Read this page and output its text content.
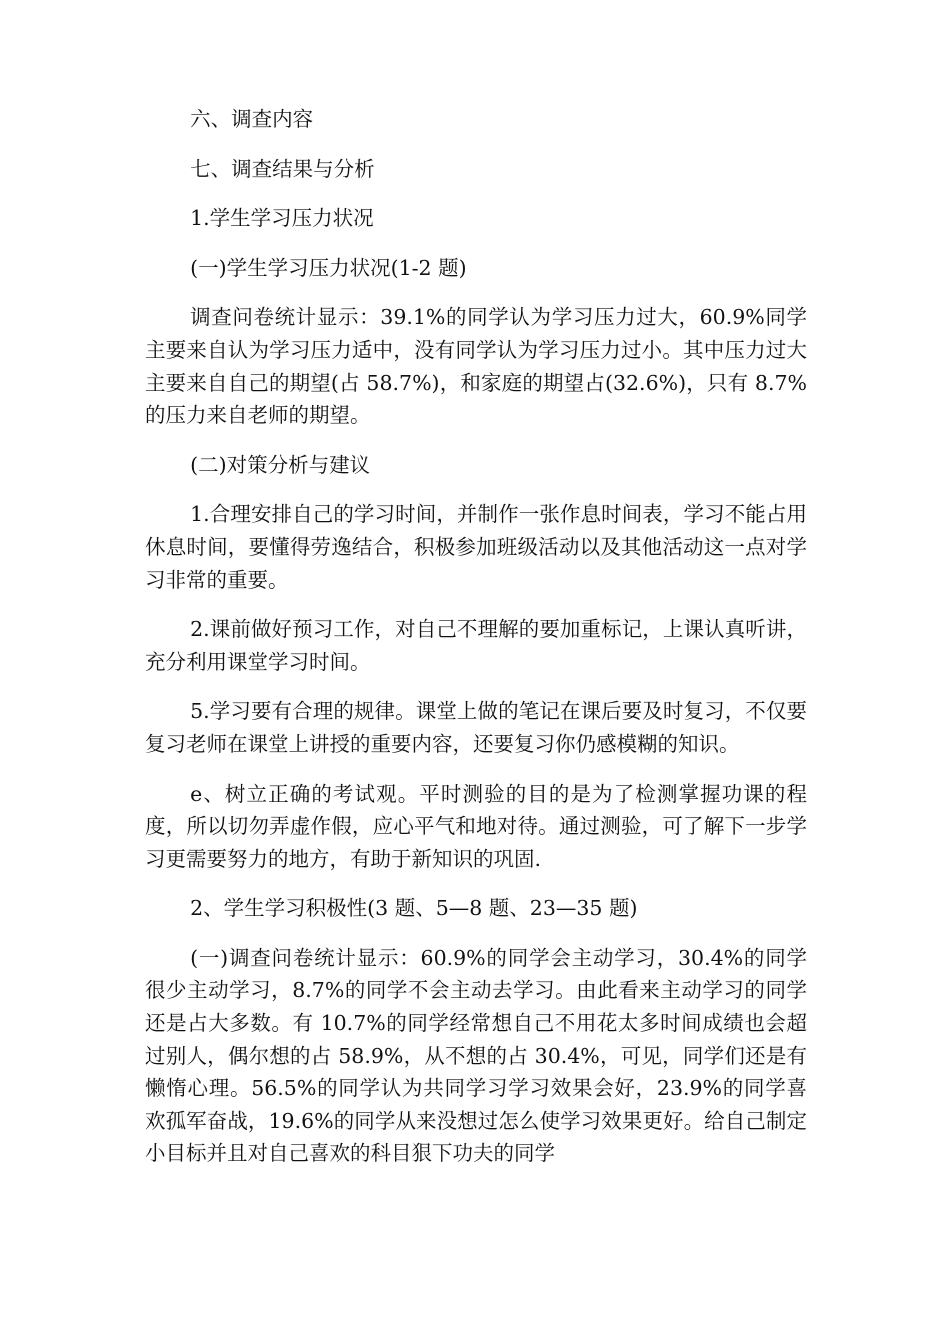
六、调查内容

七、调查结果与分析

1.学生学习压力状况

(一)学生学习压力状况(1-2 题)

调查问卷统计显示：39.1%的同学认为学习压力过大，60.9%同学主要来自认为学习压力适中，没有同学认为学习压力过小。其中压力过大主要来自自己的期望(占 58.7%)，和家庭的期望占(32.6%)，只有 8.7%的压力来自老师的期望。

(二)对策分析与建议

1.合理安排自己的学习时间，并制作一张作息时间表，学习不能占用休息时间，要懂得劳逸结合，积极参加班级活动以及其他活动这一点对学习非常的重要。

2.课前做好预习工作，对自己不理解的要加重标记，上课认真听讲，充分利用课堂学习时间。

5.学习要有合理的规律。课堂上做的笔记在课后要及时复习，不仅要复习老师在课堂上讲授的重要内容，还要复习你仍感模糊的知识。

e、树立正确的考试观。平时测验的目的是为了检测掌握功课的程度，所以切勿弄虚作假，应心平气和地对待。通过测验，可了解下一步学习更需要努力的地方，有助于新知识的巩固.

2、学生学习积极性(3 题、5—8 题、23—35 题)

(一)调查问卷统计显示：60.9%的同学会主动学习，30.4%的同学很少主动学习，8.7%的同学不会主动去学习。由此看来主动学习的同学还是占大多数。有 10.7%的同学经常想自己不用花太多时间成绩也会超过别人，偶尔想的占 58.9%，从不想的占 30.4%，可见，同学们还是有懒惰心理。56.5%的同学认为共同学习学习效果会好，23.9%的同学喜欢孤军奋战，19.6%的同学从来没想过怎么使学习效果更好。给自己制定小目标并且对自己喜欢的科目狠下功夫的同学
